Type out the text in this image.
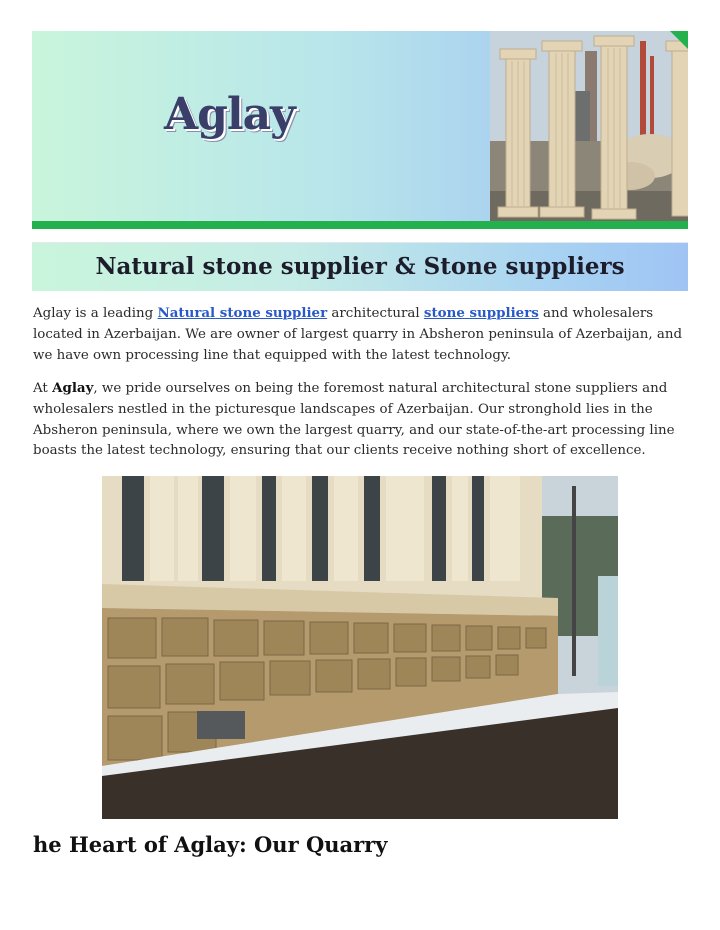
Aglay
Natural stone supplier & Stone suppliers

Aglay is a leading Natural stone supplier architectural stone suppliers and wholesalers located in Azerbaijan. We are owner of largest quarry in Absheron peninsula of Azerbaijan, and we have own processing line that equipped with the latest technology.

At Aglay, we pride ourselves on being the foremost natural architectural stone suppliers and wholesalers nestled in the picturesque landscapes of Azerbaijan. Our stronghold lies in the Absheron peninsula, where we own the largest quarry, and our state-of-the-art processing line boasts the latest technology, ensuring that our clients receive nothing short of excellence.

he Heart of Aglay: Our Quarry
